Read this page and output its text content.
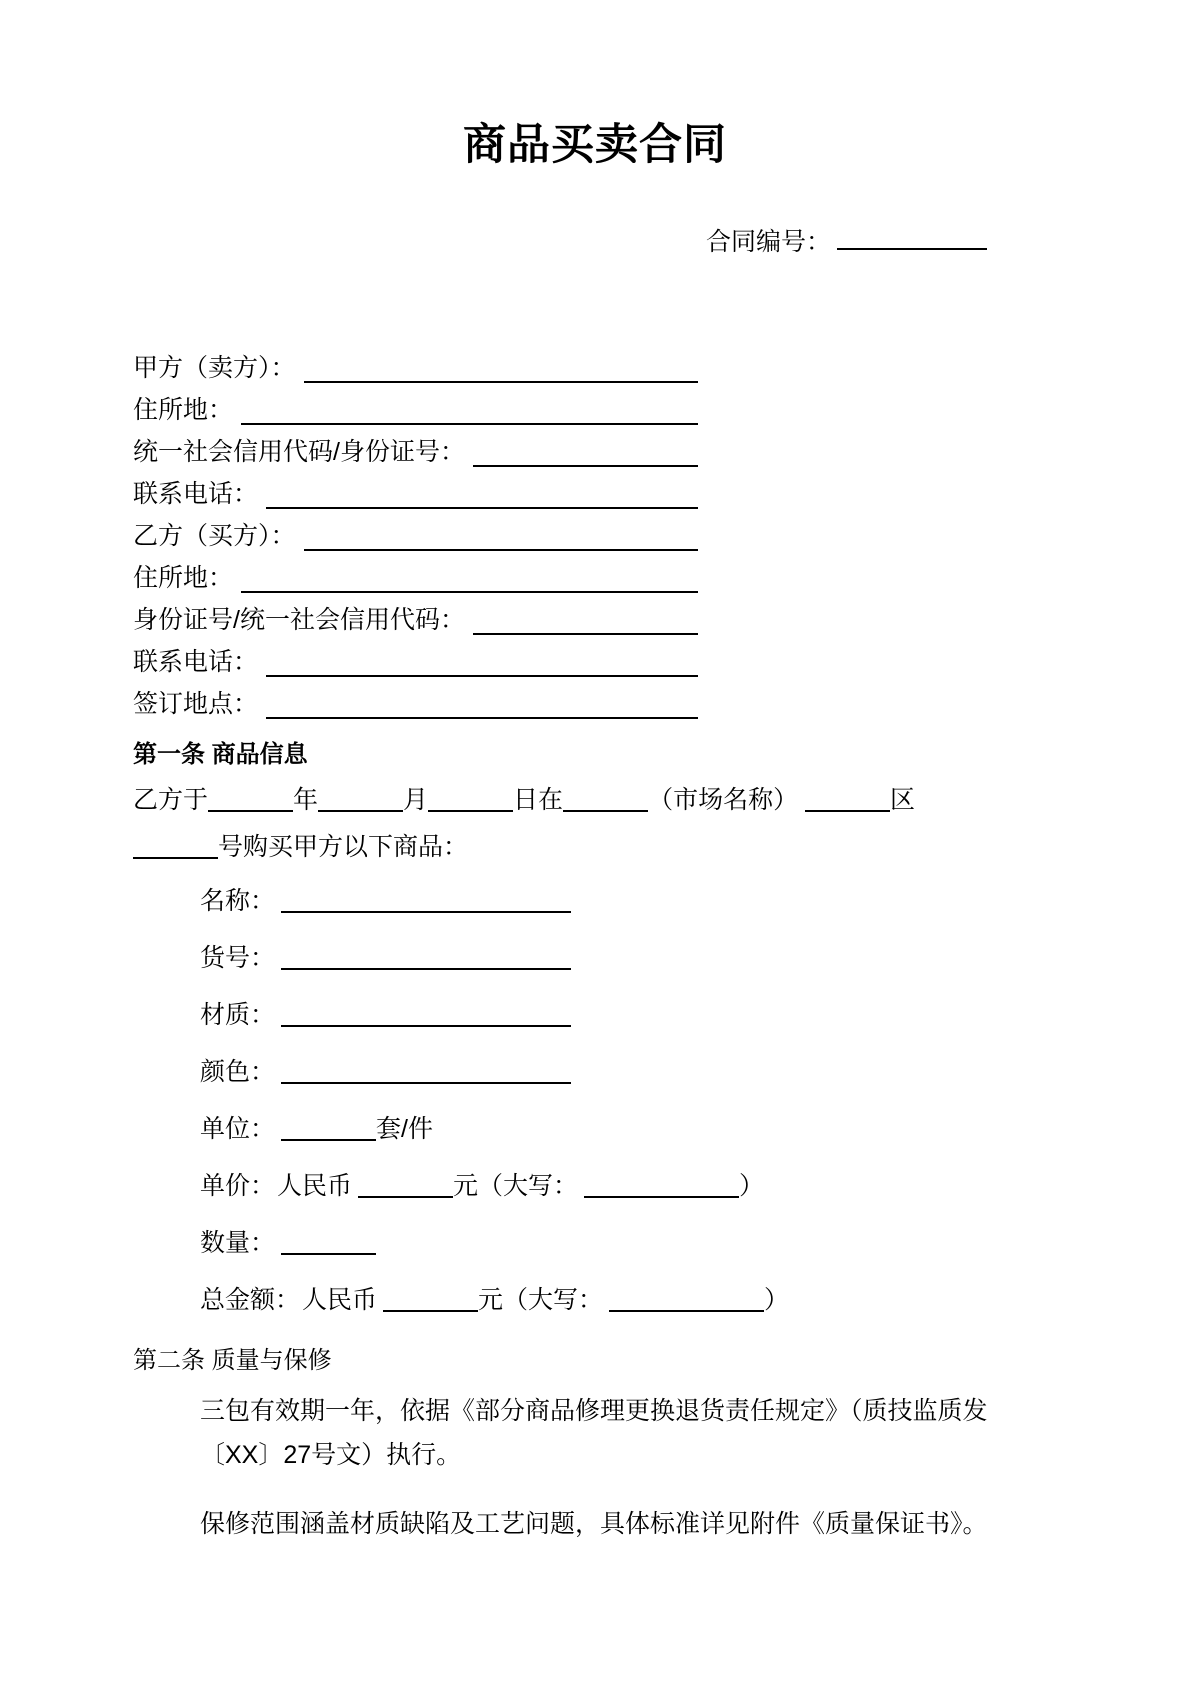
商品买卖合同
合同编号：
甲方（卖方）：
住所地：
统一社会信用代码/身份证号：
联系电话：
乙方（买方）：
住所地：
身份证号/统一社会信用代码：
联系电话：
签订地点：
第一条 商品信息
乙方于	年	月	日在	（市场名称）	区
号购买甲方以下商品：
名称：
货号：
材质：
颜色：
单位：	套/件
单价：人民币	元（大写：	）
数量：
总金额：人民币	元（大写：	）
第二条 质量与保修

三包有效期一年，依据《部分商品修理更换退货责任规定》（质技监质发〔XX〕27号文）执行。

保修范围涵盖材质缺陷及工艺问题，具体标准详见附件《质量保证书》。
